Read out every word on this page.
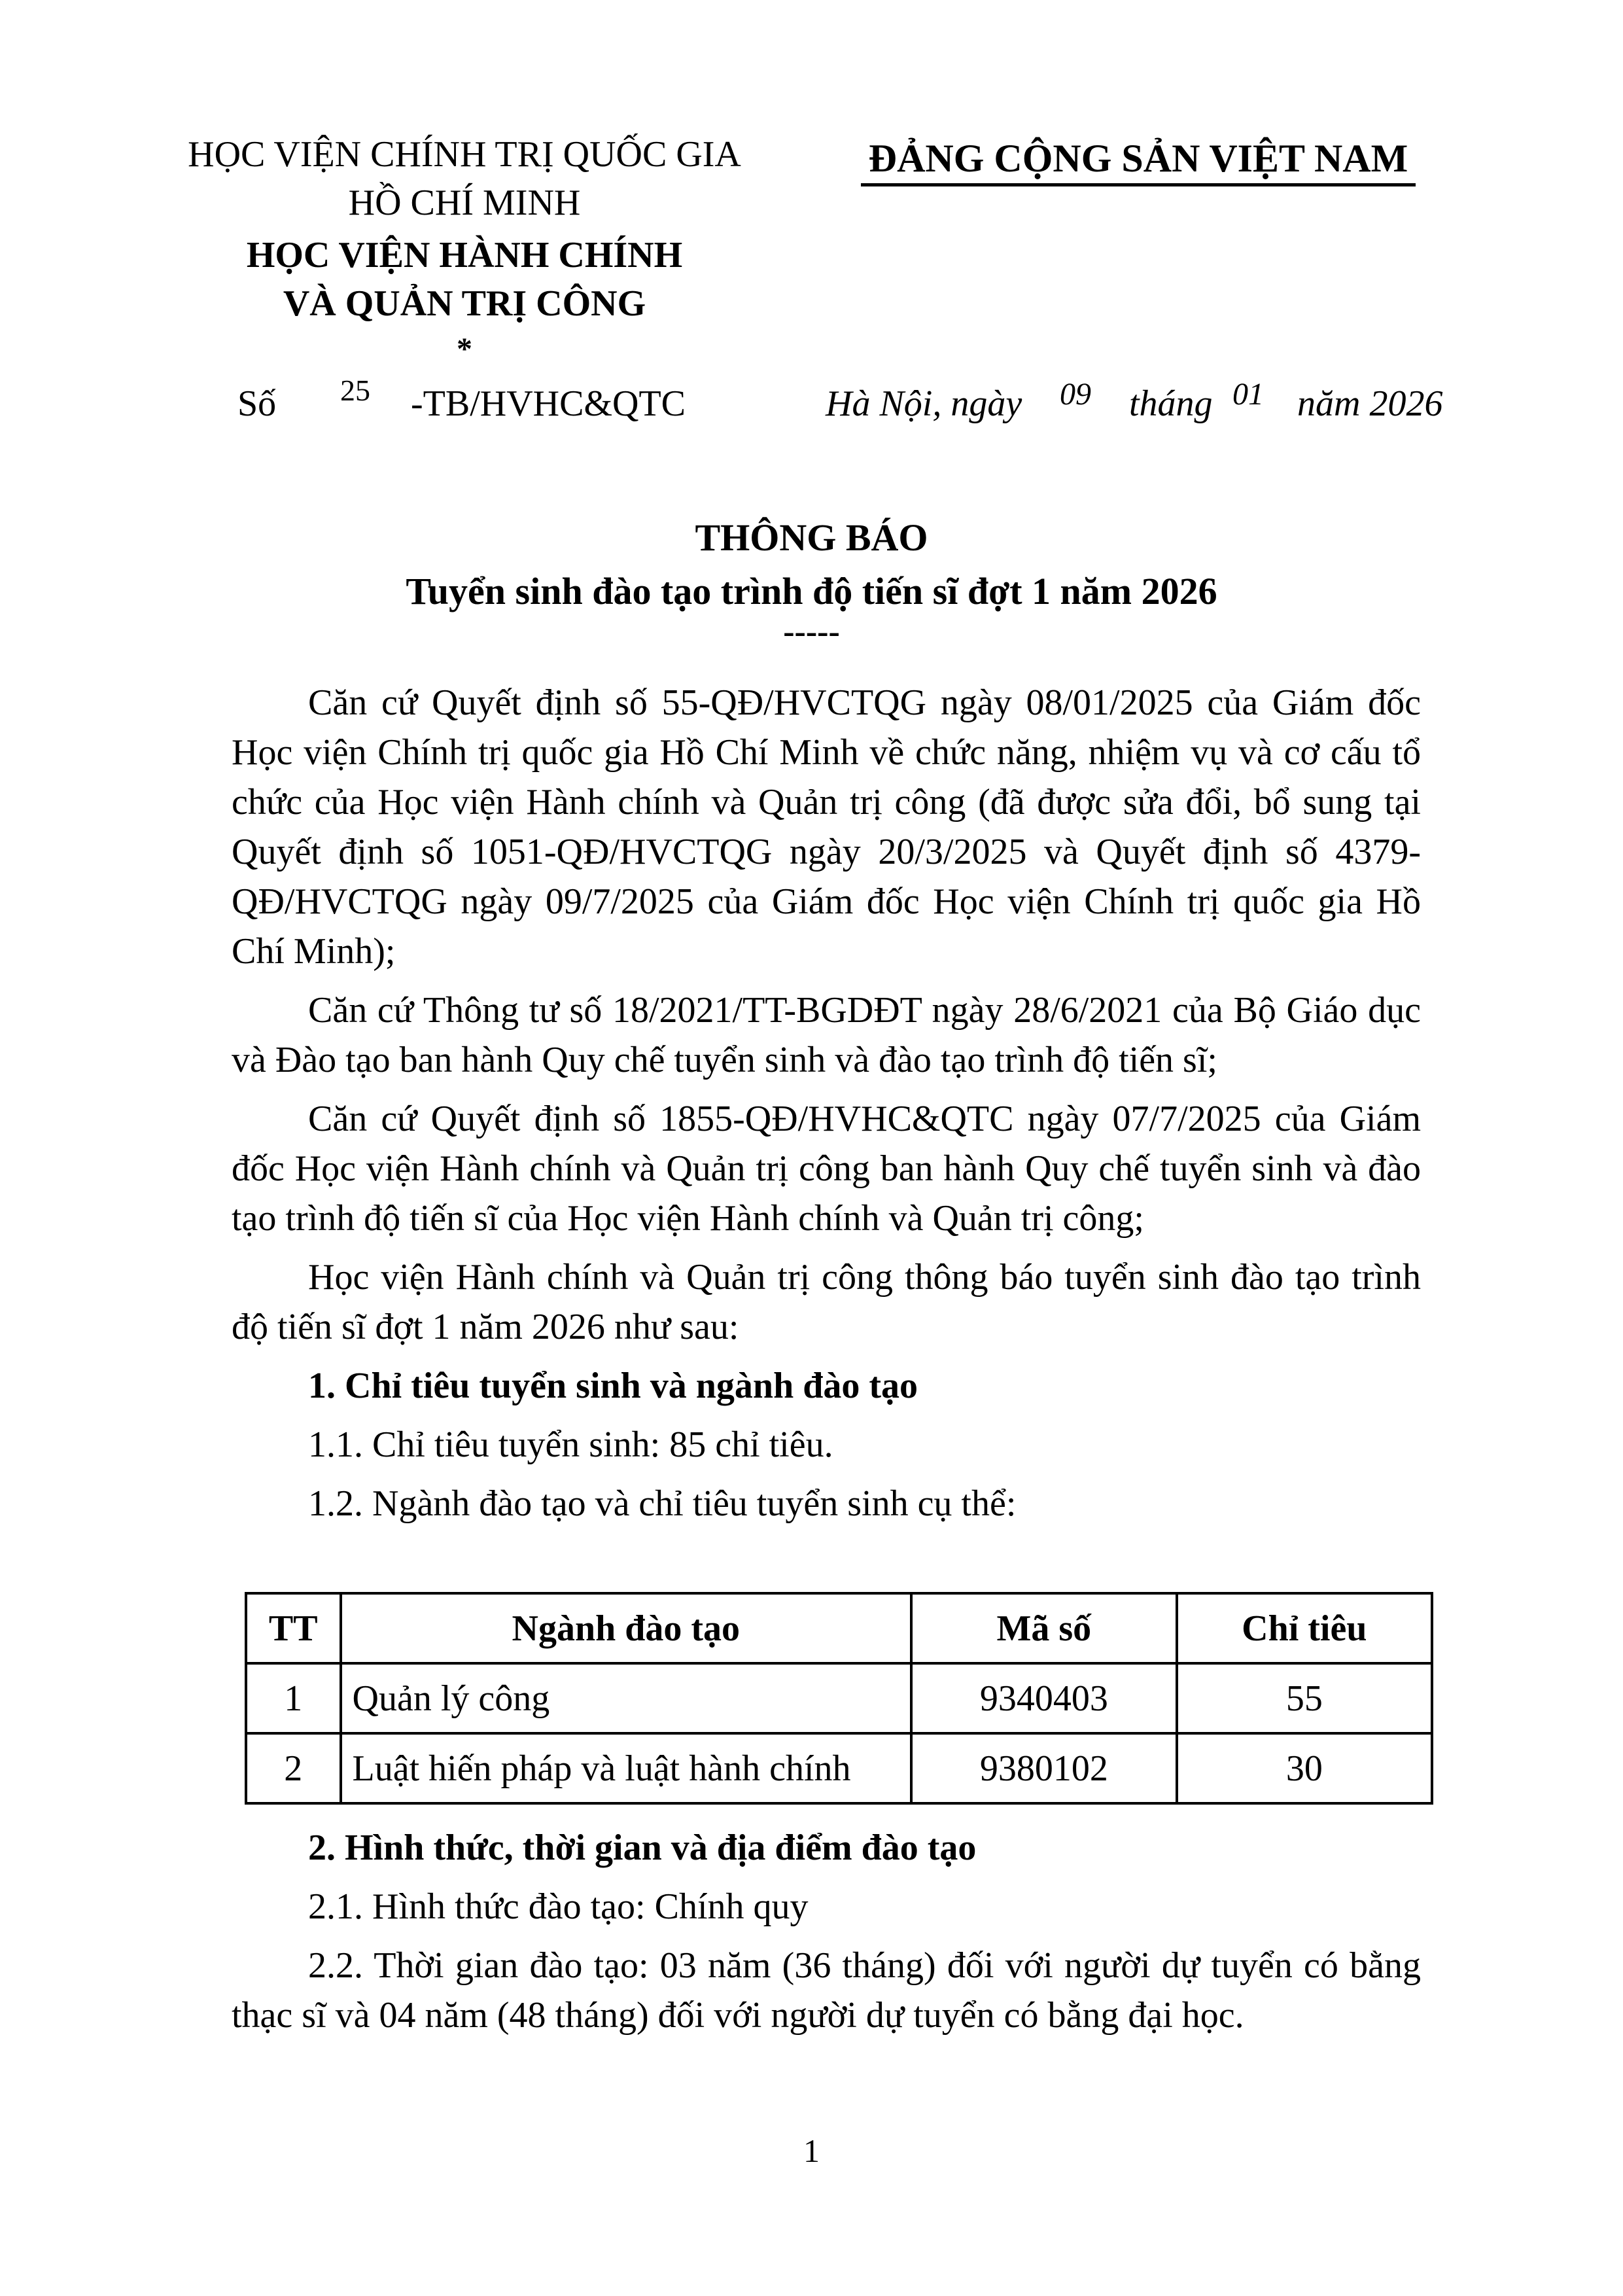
HỌC VIỆN CHÍNH TRỊ QUỐC GIA
HỒ CHÍ MINH
HỌC VIỆN HÀNH CHÍNH
VÀ QUẢN TRỊ CÔNG
*
ĐẢNG CỘNG SẢN VIỆT NAM
Số 25 -TB/HVHC&QTC	Hà Nội, ngày 09 tháng 01 năm 2026
THÔNG BÁO
Tuyển sinh đào tạo trình độ tiến sĩ đợt 1 năm 2026
-----

Căn cứ Quyết định số 55-QĐ/HVCTQG ngày 08/01/2025 của Giám đốc Học viện Chính trị quốc gia Hồ Chí Minh về chức năng, nhiệm vụ và cơ cấu tổ chức của Học viện Hành chính và Quản trị công (đã được sửa đổi, bổ sung tại Quyết định số 1051-QĐ/HVCTQG ngày 20/3/2025 và Quyết định số 4379-QĐ/HVCTQG ngày 09/7/2025 của Giám đốc Học viện Chính trị quốc gia Hồ Chí Minh);

Căn cứ Thông tư số 18/2021/TT-BGDĐT ngày 28/6/2021 của Bộ Giáo dục và Đào tạo ban hành Quy chế tuyển sinh và đào tạo trình độ tiến sĩ;

Căn cứ Quyết định số 1855-QĐ/HVHC&QTC ngày 07/7/2025 của Giám đốc Học viện Hành chính và Quản trị công ban hành Quy chế tuyển sinh và đào tạo trình độ tiến sĩ của Học viện Hành chính và Quản trị công;

Học viện Hành chính và Quản trị công thông báo tuyển sinh đào tạo trình độ tiến sĩ đợt 1 năm 2026 như sau:

1. Chỉ tiêu tuyển sinh và ngành đào tạo

1.1. Chỉ tiêu tuyển sinh: 85 chỉ tiêu.

1.2. Ngành đào tạo và chỉ tiêu tuyển sinh cụ thể:

TT	Ngành đào tạo	Mã số	Chỉ tiêu
1	Quản lý công	9340403	55
2	Luật hiến pháp và luật hành chính	9380102	30

2. Hình thức, thời gian và địa điểm đào tạo

2.1. Hình thức đào tạo: Chính quy

2.2. Thời gian đào tạo: 03 năm (36 tháng) đối với người dự tuyển có bằng thạc sĩ và 04 năm (48 tháng) đối với người dự tuyển có bằng đại học.

1
